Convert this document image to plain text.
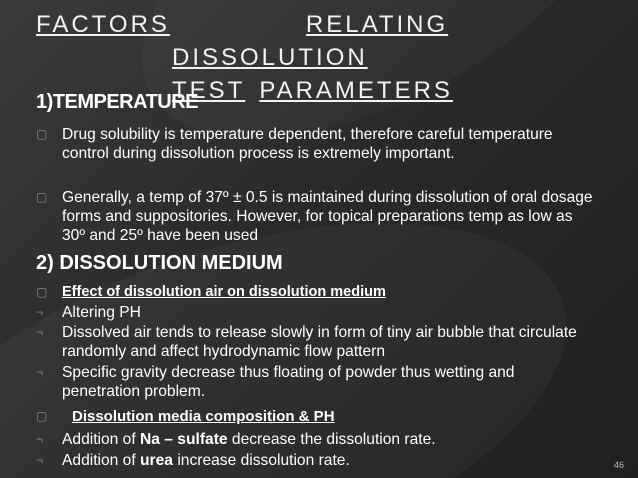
FACTORS	RELATING
DISSOLUTION
TEST PARAMETERS
1)TEMPERATURE
▢ Drug solubility is temperature dependent, therefore careful temperature control during dissolution process is extremely important.
▢ Generally, a temp of 37º ± 0.5 is maintained during dissolution of oral dosage forms and suppositories. However, for topical preparations temp as low as 30º and 25º have been used
2) DISSOLUTION MEDIUM
▢	Effect of dissolution air on dissolution medium
¬	Altering PH
¬	Dissolved air tends to release slowly in form of tiny air bubble that circulate randomly and affect hydrodynamic flow pattern
¬	Specific gravity decrease thus floating of powder thus wetting and penetration problem.
▢	Dissolution media composition & PH
¬	Addition of Na – sulfate decrease the dissolution rate.
¬	Addition of urea increase dissolution rate.	46
